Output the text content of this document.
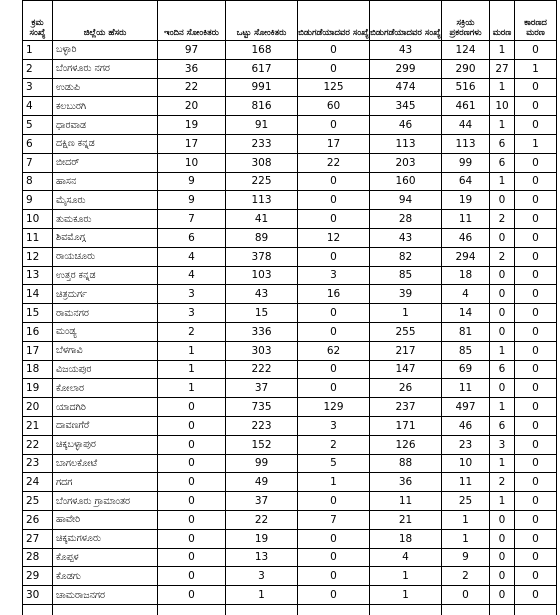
ಕ್ರಮ ಸಂಖ್ಯೆ	ಜಿಲ್ಲೆಯ ಹೆಸರು	ಇಂದಿನ ಸೋಂಕಿತರು	ಒಟ್ಟು ಸೋಂಕಿತರು	ಬಿಡುಗಡೆಯಾದವರ ಸಂಖ್ಯೆ	ಬಿಡುಗಡೆಯಾದವರ ಸಂಖ್ಯೆ	ಸಕ್ರಿಯ ಪ್ರಕರಣಗಳು	ಮರಣ	ಕಾರಣದ ಮರಣ
1	ಬಳ್ಳಾರಿ	97	168	0	43	124	1	0
2	ಬೆಂಗಳೂರು ನಗರ	36	617	0	299	290	27	1
3	ಉಡುಪಿ	22	991	125	474	516	1	0
4	ಕಲಬುರಗಿ	20	816	60	345	461	10	0
5	ಧಾರವಾಡ	19	91	0	46	44	1	0
6	ದಕ್ಷಿಣ ಕನ್ನಡ	17	233	17	113	113	6	1
7	ಬೀದರ್	10	308	22	203	99	6	0
8	ಹಾಸನ	9	225	0	160	64	1	0
9	ಮೈಸೂರು	9	113	0	94	19	0	0
10	ತುಮಕೂರು	7	41	0	28	11	2	0
11	ಶಿವಮೊಗ್ಗ	6	89	12	43	46	0	0
12	ರಾಯಚೂರು	4	378	0	82	294	2	0
13	ಉತ್ತರ ಕನ್ನಡ	4	103	3	85	18	0	0
14	ಚಿತ್ರದುರ್ಗ	3	43	16	39	4	0	0
15	ರಾಮನಗರ	3	15	0	1	14	0	0
16	ಮಂಡ್ಯ	2	336	0	255	81	0	0
17	ಬೆಳಗಾವಿ	1	303	62	217	85	1	0
18	ವಿಜಯಪುರ	1	222	0	147	69	6	0
19	ಕೋಲಾರ	1	37	0	26	11	0	0
20	ಯಾದಗಿರಿ	0	735	129	237	497	1	0
21	ದಾವಣಗೆರೆ	0	223	3	171	46	6	0
22	ಚಿಕ್ಕಬಳ್ಳಾಪುರ	0	152	2	126	23	3	0
23	ಬಾಗಲಕೋಟೆ	0	99	5	88	10	1	0
24	ಗದಗ	0	49	1	36	11	2	0
25	ಬೆಂಗಳೂರು ಗ್ರಾಮಾಂತರ	0	37	0	11	25	1	0
26	ಹಾವೇರಿ	0	22	7	21	1	0	0
27	ಚಿಕ್ಕಮಗಳೂರು	0	19	0	18	1	0	0
28	ಕೊಪ್ಪಳ	0	13	0	4	9	0	0
29	ಕೊಡಗು	0	3	0	1	2	0	0
30	ಚಾಮರಾಜನಗರ	0	1	0	1	0	0	0
